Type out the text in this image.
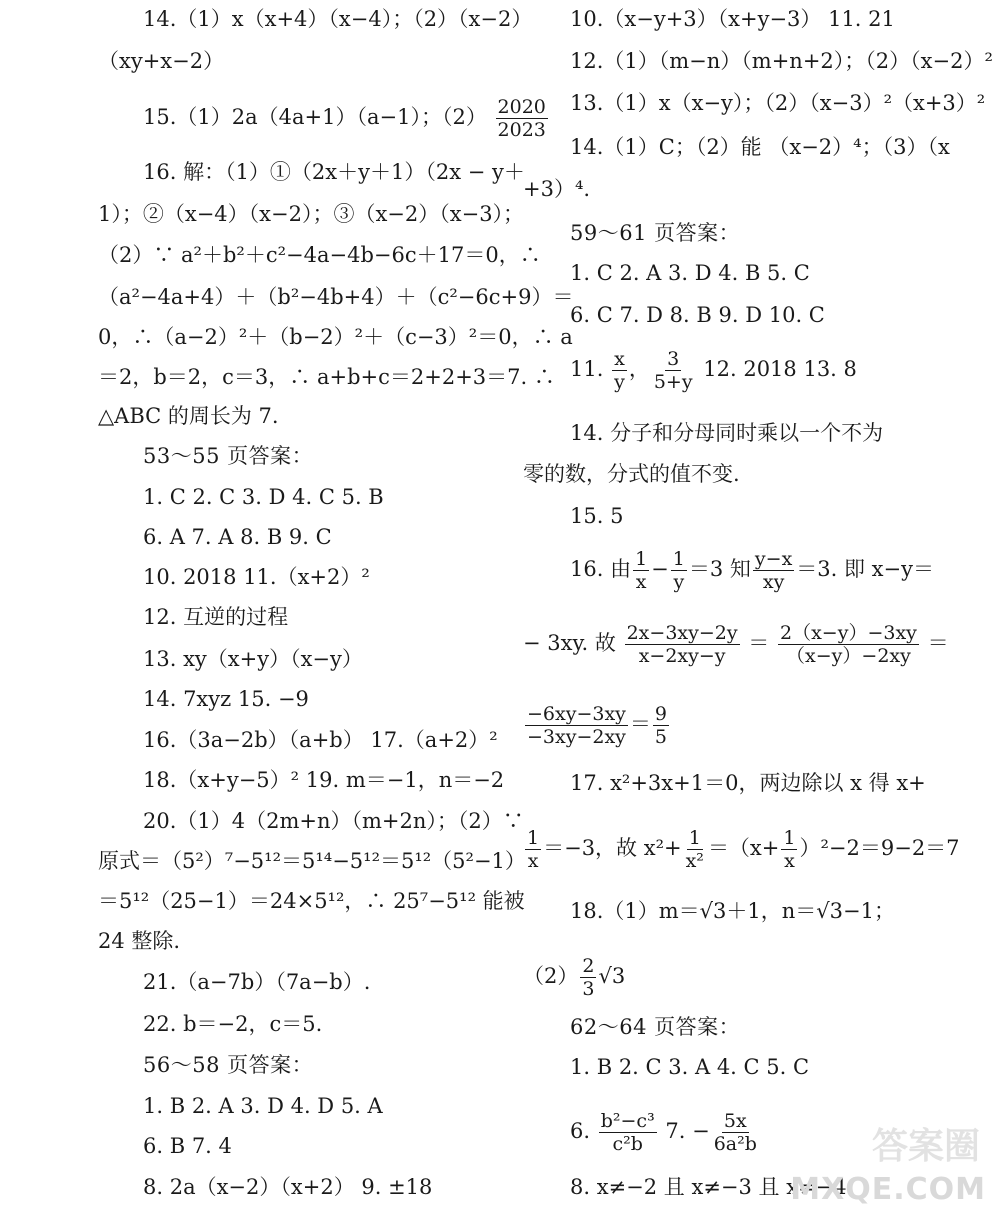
14.（1）x（x+4）（x−4）；（2）（x−2）
（xy+x−2）
15.（1）2a（4a+1）（a−1）；$(2) \frac{2020}{2023}$
16. 解：（1）①（2x＋y＋1）（2x − y＋
1）；②（x−4）（x−2）；③（x−2）（x−3）；
（2）∵ a²＋b²＋c²−4a−4b−6c＋17＝0，∴
（a²−4a+4）＋（b²−4b+4）＋（c²−6c+9）＝
0，∴（a−2）²＋（b−2）²＋（c−3）²＝0，∴ a
＝2，b＝2，c＝3，∴ a+b+c＝2+2+3＝7. ∴
△ABC 的周长为 7.
53～55 页答案：
1. C 2. C 3. D 4. C 5. B
6. A 7. A 8. B 9. C
10. 2018 11.（x+2）²
12. 互逆的过程
13. xy（x+y）（x−y）
14. 7xyz 15. −9
16.（3a−2b）（a+b） 17.（a+2）²
18.（x+y−5）² 19. m＝−1，n＝−2
20.（1）4（2m+n）（m+2n）；（2）∵
原式＝（5²）⁷−5¹²＝5¹⁴−5¹²＝5¹²（5²−1）
＝5¹²（25−1）＝24×5¹²，∴ 25⁷−5¹² 能被
24 整除.
21.（a−7b）（7a−b）.
22. b＝−2，c＝5.
56～58 页答案：
1. B 2. A 3. D 4. D 5. A
6. B 7. 4
8. 2a（x−2）（x+2） 9. ±18
10.（x−y+3）（x+y−3） 11. 21
12.（1）（m−n）（m+n+2）；（2）（x−2）²
13.（1）x（x−y）；（2）（x−3）²（x+3）²
14.（1）C；（2）能 （x−2）⁴；（3）（x
+3）⁴.
59～61 页答案：
1. C 2. A 3. D 4. B 5. C
6. C 7. D 8. B 9. D 10. C
11. $\frac{x}{y}$ ， $\frac{3}{5+y} 12$. 2018 13. 8
14. 分子和分母同时乘以一个不为
零的数，分式的值不变.
15. 5
16. 由 $\frac{1}{x} - \frac{1}{y} =3$ 知 $\frac{y-x}{xy} =3$. 即 x−y＝
− 3xy. 故 $\frac{2x-3xy-2y}{x-2xy-y} = \frac{2(x-y)-3xy}{(x-y)-2xy}$ ＝
$\frac{-6xy-3xy}{-3xy-2xy} = \frac{9}{5}$
17. x²+3x+1＝0，两边除以 x 得 x+
$\frac{1}{x} =-3$，故 $x^2+ \frac{1}{\text{x²}} =(x+ \frac{1}{x} )^2-2=9-2=7$
18.（1）m＝√3＋1，n＝√3−1；
$(2) \frac{2}{3} √3$
62～64 页答案：
1. B 2. C 3. A 4. C 5. C
6. $\frac{\text{b²−c³}}{\text{c²b}} 7$. − $\frac{5x}{\text{6a²b}}$
8. x≠−2 且 x≠−3 且 x≠−4
答案圈
MXQE.COM
